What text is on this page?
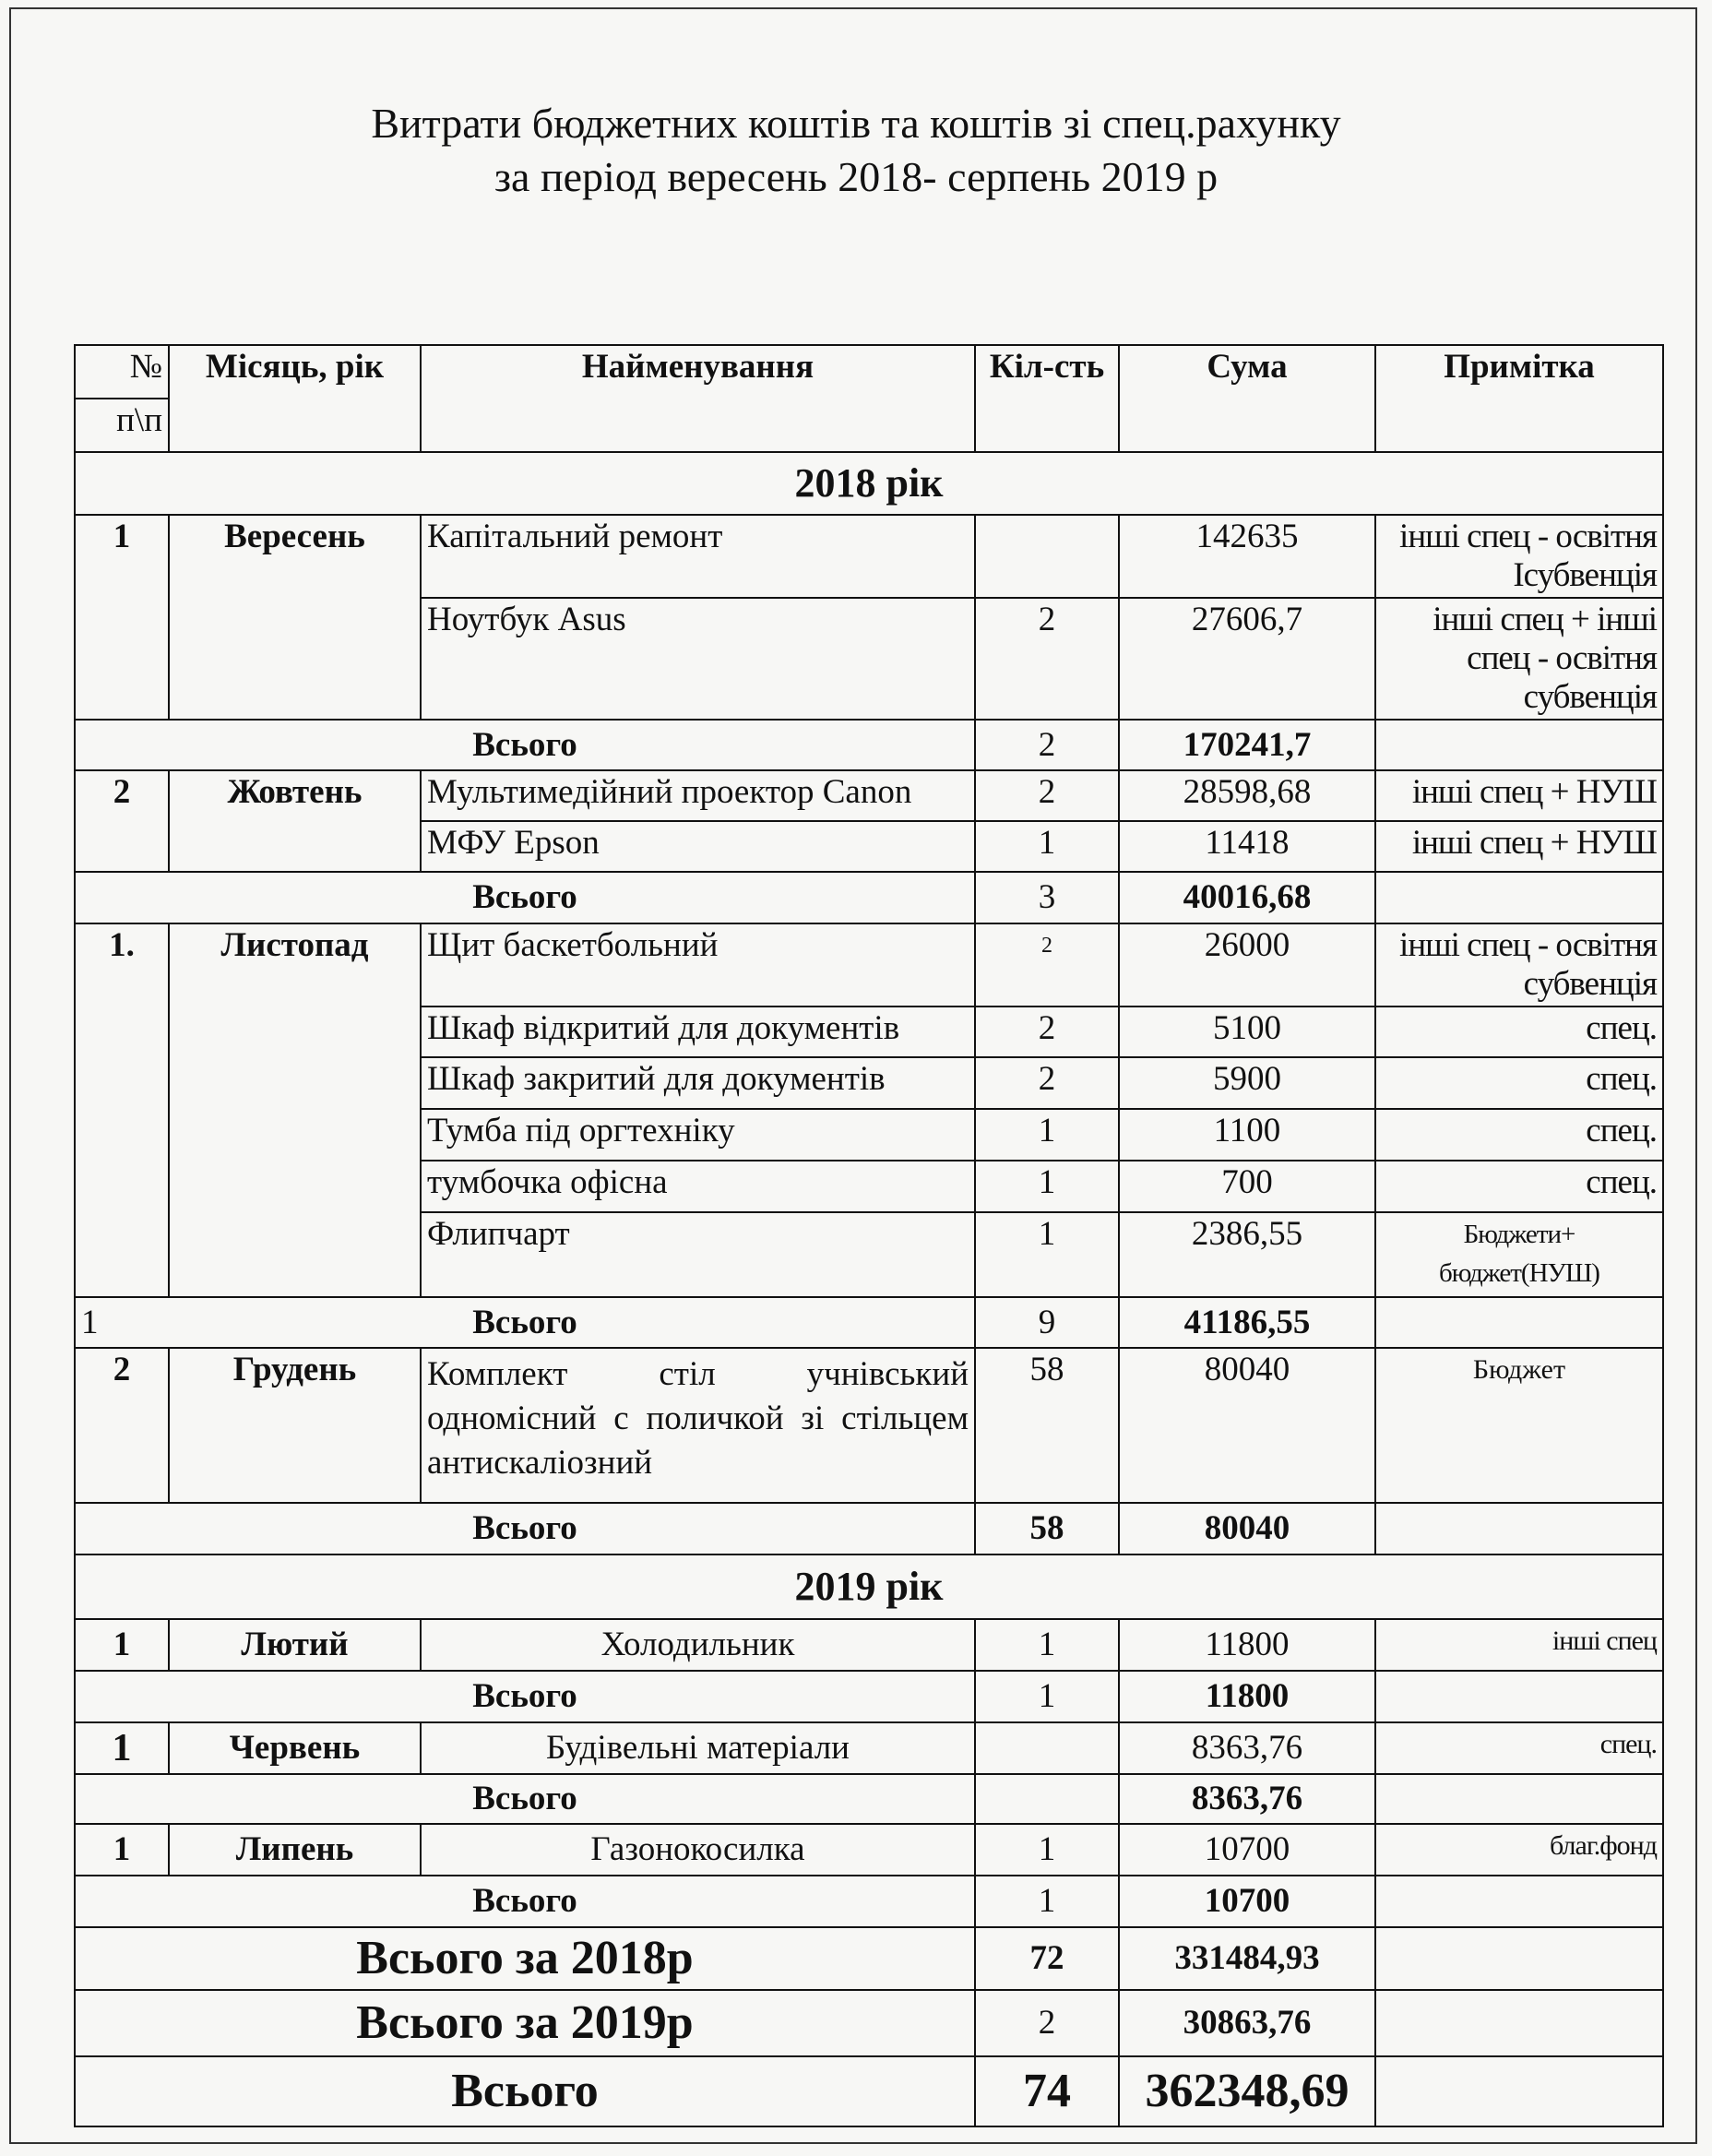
Витрати бюджетних коштів та коштів зі спец.рахунку
за період вересень 2018- серпень 2019 р
№	Місяць, рік	Найменування	Кіл-сть	Сума	Примітка
п\п					
2018 рік					
1	Вересень	Капітальний ремонт		142635	інші спец - освітня Ісубвенція
		Ноутбук Asus	2	27606,7	інші спец + інші спец - освітня субвенція
Всього			2	170241,7	
2	Жовтень	Мультимедійний проектор Canon	2	28598,68	інші спец + НУШ
		МФУ Epson	1	11418	інші спец + НУШ
Всього			3	40016,68	
1.	Листопад	Щит баскетбольний	2	26000	інші спец - освітня субвенція
		Шкаф відкритий для документів	2	5100	спец.
		Шкаф закритий для документів	2	5900	спец.
		Тумба під оргтехніку	1	1100	спец.
		тумбочка офісна	1	700	спец.
		Флипчарт	1	2386,55	Бюджети+ бюджет(НУШ)

1 Всього			9	41186,55	
2	Грудень	Комплект стіл учнівський одномісний с поличкой зі стільцем антискаліозний	58	80040	Бюджет
Всього			58	80040	
2019 рік					
1	Лютий	Холодильник	1	11800	інші спец
Всього			1	11800	
1	Червень	Будівельні матеріали		8363,76	спец.
Всього				8363,76	
1	Липень	Газонокосилка	1	10700	благ.фонд
Всього			1	10700	
Всього за 2018р			72	331484,93	
Всього за 2019р			2	30863,76	
Всього			74	362348,69	
